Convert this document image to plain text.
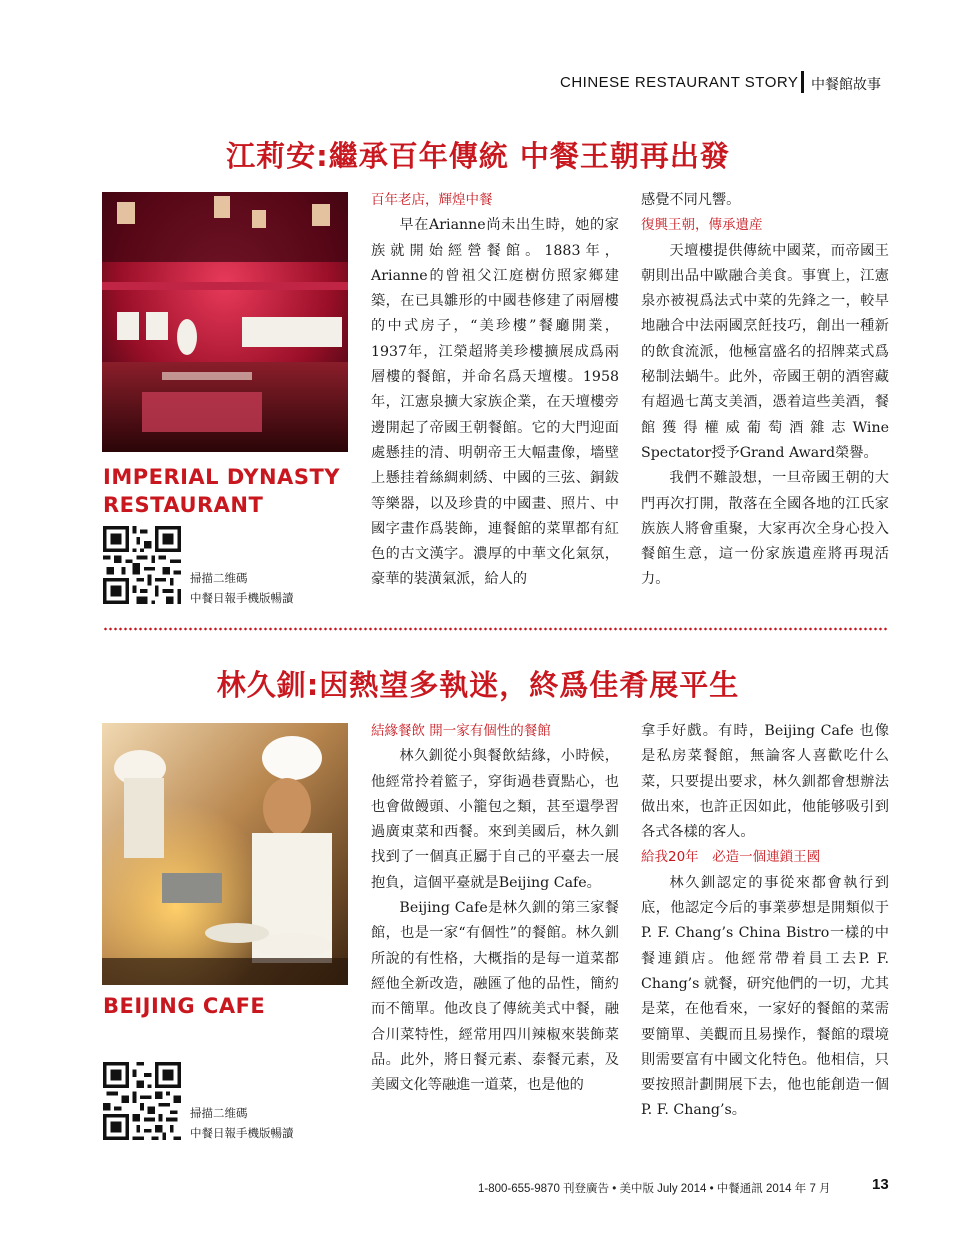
CHINESE RESTAURANT STORY 中餐館故事
江莉安:繼承百年傳統 中餐王朝再出發
IMPERIAL DYNASTY
RESTAURANT
掃描二维碼
中餐日報手機版暢讀

百年老店，輝煌中餐

早在Arianne尚未出生時，她的家族就開始經營餐館。1883年，Arianne的曾祖父江庭樹仿照家鄉建築，在已具雛形的中國巷修建了兩層樓的中式房子，“美珍樓”餐廳開業，1937年，江榮超將美珍樓擴展成爲兩層樓的餐館，并命名爲天壇樓。1958年，江憲泉擴大家族企業，在天壇樓旁邊開起了帝國王朝餐館。它的大門迎面處懸挂的清、明朝帝王大幅畫像，墻壁上懸挂着絲綢刺綉、中國的三弦、銅鈸等樂器，以及珍貴的中國畫、照片、中國字畫作爲裝飾，連餐館的菜單都有紅色的古文漢字。濃厚的中華文化氣氛，豪華的裝潢氣派，給人的

感覺不同凡響。

復興王朝，傳承遺産

天壇樓提供傳統中國菜，而帝國王朝則出品中歐融合美食。事實上，江憲泉亦被視爲法式中菜的先鋒之一，較早地融合中法兩國烹飪技巧，創出一種新的飲食流派，他極富盛名的招牌菜式爲秘制法蝸牛。此外，帝國王朝的酒窖藏有超過七萬支美酒，憑着這些美酒，餐館獲得權威葡萄酒雜志Wine Spectator授予Grand Award榮譽。

我們不難設想，一旦帝國王朝的大門再次打開，散落在全國各地的江氏家族族人將會重聚，大家再次全身心投入餐館生意，這一份家族遺産將再現活力。

林久釧:因熱望多執迷，終爲佳肴展平生
BEIJING CAFE
掃描二维碼
中餐日報手機版暢讀

結緣餐飲 開一家有個性的餐館

林久釧從小與餐飲結緣，小時候，他經常拎着籃子，穿街過巷賣點心，也也會做饅頭、小籠包之類，甚至還學習過廣東菜和西餐。來到美國后，林久釧找到了一個真正屬于自己的平臺去一展抱負，這個平臺就是Beijing Cafe。

Beijing Cafe是林久釧的第三家餐館，也是一家“有個性”的餐館。林久釧所說的有性格，大概指的是每一道菜都經他全新改造，融匯了他的品性，簡約而不簡單。他改良了傳統美式中餐，融合川菜特性，經常用四川辣椒來裝飾菜品。此外，將日餐元素、泰餐元素，及美國文化等融進一道菜，也是他的

拿手好戲。有時，Beijing Cafe 也像是私房菜餐館，無論客人喜歡吃什么菜，只要提出要求，林久釧都會想辦法做出來，也許正因如此，他能够吸引到各式各樣的客人。

給我20年　必造一個連鎖王國

林久釧認定的事從來都會執行到底，他認定今后的事業夢想是開類似于P. F. Chang’s China Bistro一樣的中餐連鎖店。他經常帶着員工去P. F. Chang’s 就餐，研究他們的一切，尤其是菜，在他看來，一家好的餐館的菜需要簡單、美觀而且易操作，餐館的環境則需要富有中國文化特色。他相信，只要按照計劃開展下去，他也能創造一個P. F. Chang’s。

1-800-655-9870 刊登廣告 • 美中版 July 2014 • 中餐通訊 2014 年 7 月	13
